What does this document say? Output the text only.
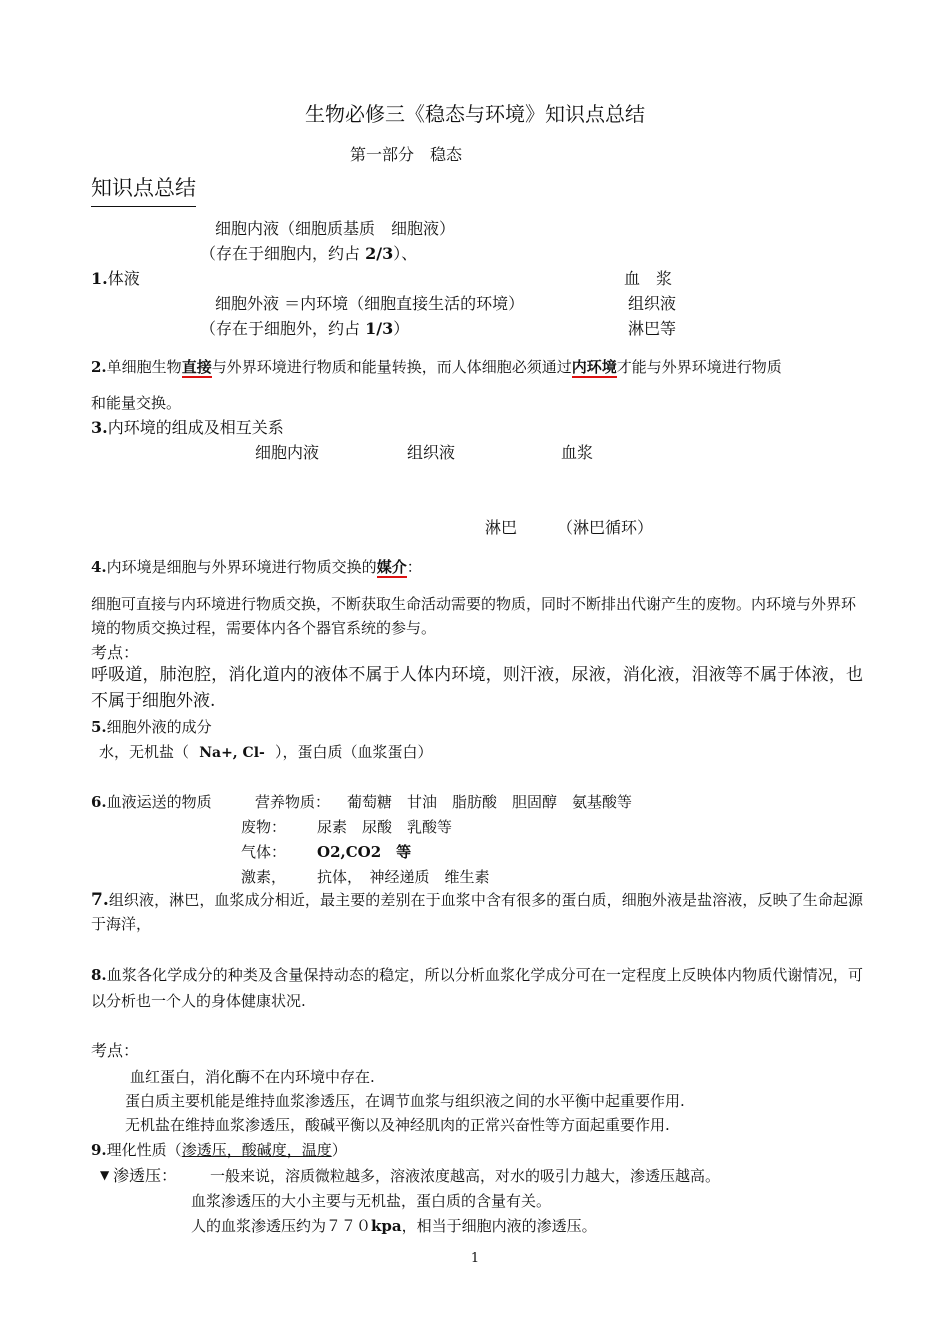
生物必修三《稳态与环境》知识点总结
第一部分　稳态
知识点总结
细胞内液（细胞质基质　细胞液）
（存在于细胞内，约占 2/3）、
1.体液	血　浆
细胞外液 ＝内环境（细胞直接生活的环境）	组织液
（存在于细胞外，约占 1/3）	淋巴等
2.单细胞生物直接与外界环境进行物质和能量转换，而人体细胞必须通过内环境才能与外界环境进行物质
和能量交换。
3.内环境的组成及相互关系
细胞内液	组织液	血浆
淋巴 （淋巴循环）
4.内环境是细胞与外界环境进行物质交换的媒介：
细胞可直接与内环境进行物质交换，不断获取生命活动需要的物质，同时不断排出代谢产生的废物。内环境与外界环境的物质交换过程，需要体内各个器官系统的参与。
考点：
呼吸道，肺泡腔，消化道内的液体不属于人体内环境，则汗液，尿液，消化液，泪液等不属于体液，也不属于细胞外液.
5.细胞外液的成分
水，无机盐（ Na+, Cl- ），蛋白质（血浆蛋白）
6.血液运送的物质	营养物质： 葡萄糖　甘油　脂肪酸　胆固醇　氨基酸等
废物： 尿素　尿酸　乳酸等
气体： O2,CO2　等
激素， 抗体，　神经递质　维生素
7.组织液，淋巴，血浆成分相近，最主要的差别在于血浆中含有很多的蛋白质，细胞外液是盐溶液，反映了生命起源于海洋，
8.血浆各化学成分的种类及含量保持动态的稳定，所以分析血浆化学成分可在一定程度上反映体内物质代谢情况，可以分析也一个人的身体健康状况.
考点：
血红蛋白，消化酶不在内环境中存在.
蛋白质主要机能是维持血浆渗透压，在调节血浆与组织液之间的水平衡中起重要作用.
无机盐在维持血浆渗透压，酸碱平衡以及神经肌肉的正常兴奋性等方面起重要作用.
9.理化性质（渗透压，酸碱度，温度）
▼ 渗透压： 一般来说，溶质微粒越多，溶液浓度越高，对水的吸引力越大，渗透压越高。
血浆渗透压的大小主要与无机盐，蛋白质的含量有关。
人的血浆渗透压约为７７０kpa，相当于细胞内液的渗透压。
1
